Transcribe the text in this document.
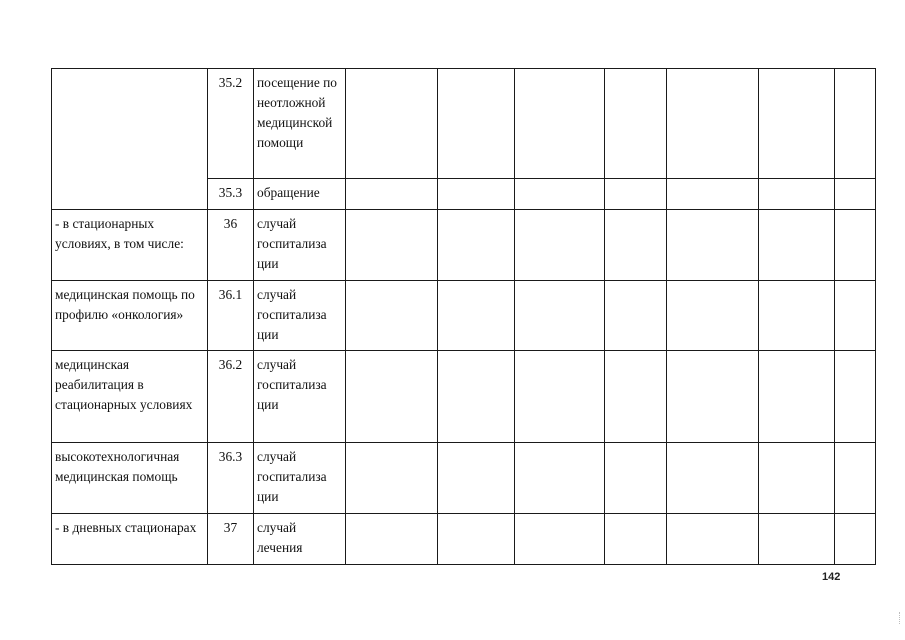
	35.2	посещение по неотложной медицинской помощи							
	35.3	обращение							
- в стационарных условиях, в том числе:	36	случай госпитализа ции							
медицинская помощь по профилю «онкология»	36.1	случай госпитализа ции							
медицинская реабилитация в стационарных условиях	36.2	случай госпитализа ции							
высокотехнологичная медицинская помощь	36.3	случай госпитализа ции							
- в дневных стационарах	37	случай лечения							
142
